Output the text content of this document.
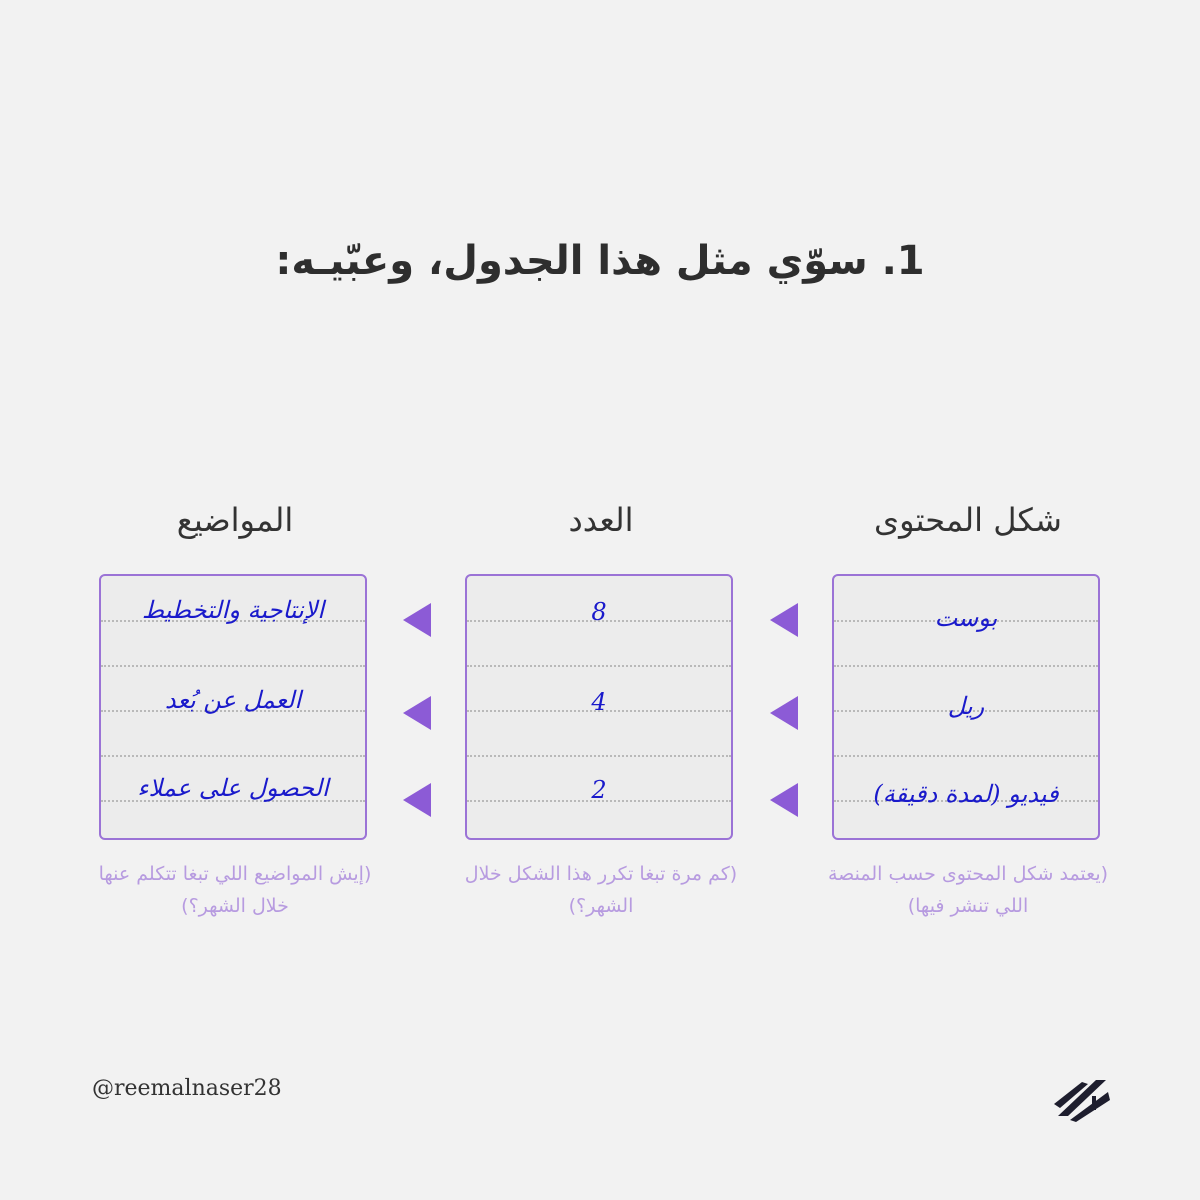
1. سوّي مثل هذا الجدول، وعبّيـه:
شكل المحتوى
بوست
ريل
فيديو (لمدة دقيقة)
(يعتمد شكل المحتوى حسب المنصة اللي تنشر فيها)
العدد
8
4
2
(كم مرة تبغا تكرر هذا الشكل خلال الشهر؟)
المواضيع
الإنتاجية والتخطيط
العمل عن بُعد
الحصول على عملاء
(إيش المواضيع اللي تبغا تتكلم عنها خلال الشهر؟)
@reemalnaser28
